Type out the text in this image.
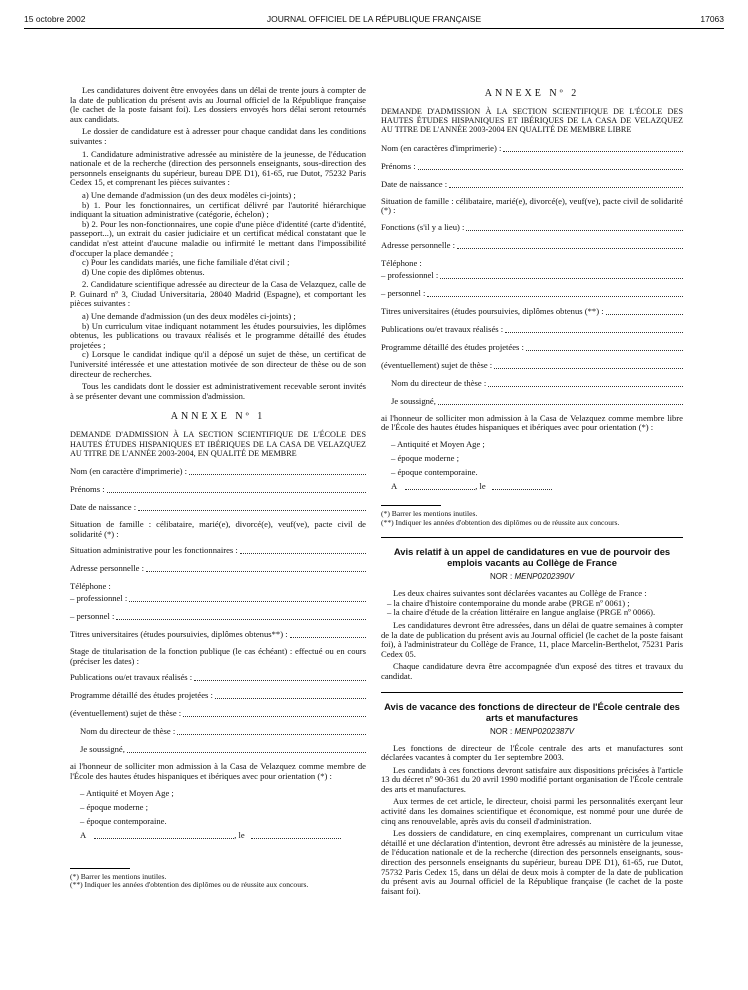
15 octobre 2002	JOURNAL OFFICIEL DE LA RÉPUBLIQUE FRANÇAISE	17063

Les candidatures doivent être envoyées dans un délai de trente jours à compter de la date de publication du présent avis au Journal officiel de la République française (le cachet de la poste faisant foi). Les dossiers envoyés hors délai seront retournés aux candidats.

Le dossier de candidature est à adresser pour chaque candidat dans les conditions suivantes :

1. Candidature administrative adressée au ministère de la jeunesse, de l'éducation nationale et de la recherche (direction des personnels enseignants, sous-direction des personnels enseignants du supérieur, bureau DPE D1), 61-65, rue Dutot, 75232 Paris Cedex 15, et comprenant les pièces suivantes :

a) Une demande d'admission (un des deux modèles ci-joints) ;

b) 1. Pour les fonctionnaires, un certificat délivré par l'autorité hiérarchique indiquant la situation administrative (catégorie, échelon) ;

b) 2. Pour les non-fonctionnaires, une copie d'une pièce d'identité (carte d'identité, passeport...), un extrait du casier judiciaire et un certificat médical constatant que le candidat n'est atteint d'aucune maladie ou infirmité le mettant dans l'impossibilité d'occuper la place demandée ;

c) Pour les candidats mariés, une fiche familiale d'état civil ;

d) Une copie des diplômes obtenus.

2. Candidature scientifique adressée au directeur de la Casa de Velazquez, calle de P. Guinard nº 3, Ciudad Universitaria, 28040 Madrid (Espagne), et comportant les pièces suivantes :

a) Une demande d'admission (un des deux modèles ci-joints) ;

b) Un curriculum vitae indiquant notamment les études poursuivies, les diplômes obtenus, les publications ou travaux réalisés et le programme détaillé des études projetées ;

c) Lorsque le candidat indique qu'il a déposé un sujet de thèse, un certificat de l'université intéressée et une attestation motivée de son directeur de thèse ou de son directeur de recherches.

Tous les candidats dont le dossier est administrativement recevable seront invités à se présenter devant une commission d'admission.

ANNEXE Nº 1
DEMANDE D'ADMISSION À LA SECTION SCIENTIFIQUE DE L'ÉCOLE DES HAUTES ÉTUDES HISPANIQUES ET IBÉRIQUES DE LA CASA DE VELAZQUEZ AU TITRE DE L'ANNÉE 2003-2004, EN QUALITÉ DE MEMBRE
Nom (en caractère d'imprimerie) :
Prénoms :
Date de naissance :
Situation de famille : célibataire, marié(e), divorcé(e), veuf(ve), pacte civil de solidarité (*) :
Situation administrative pour les fonctionnaires :
Adresse personnelle :
Téléphone :
– professionnel :
– personnel :
Titres universitaires (études poursuivies, diplômes obtenus**) :
Stage de titularisation de la fonction publique (le cas échéant) : effectué ou en cours (préciser les dates) :
Publications ou/et travaux réalisés :
Programme détaillé des études projetées :
(éventuellement) sujet de thèse :
Nom du directeur de thèse :
Je soussigné,
ai l'honneur de solliciter mon admission à la Casa de Velazquez comme membre de l'École des hautes études hispaniques et ibériques avec pour orientation (*) :
– Antiquité et Moyen Age ;
– époque moderne ;
– époque contemporaine.
A	, le
(*) Barrer les mentions inutiles.
(**) Indiquer les années d'obtention des diplômes ou de réussite aux concours.
ANNEXE Nº 2
DEMANDE D'ADMISSION À LA SECTION SCIENTIFIQUE DE L'ÉCOLE DES HAUTES ÉTUDES HISPANIQUES ET IBÉRIQUES DE LA CASA DE VELAZQUEZ AU TITRE DE L'ANNÉE 2003-2004 EN QUALITÉ DE MEMBRE LIBRE
Nom (en caractères d'imprimerie) :
Prénoms :
Date de naissance :
Situation de famille : célibataire, marié(e), divorcé(e), veuf(ve), pacte civil de solidarité (*) :
Fonctions (s'il y a lieu) :
Adresse personnelle :
Téléphone :
– professionnel :
– personnel :
Titres universitaires (études poursuivies, diplômes obtenus (**) :
Publications ou/et travaux réalisés :
Programme détaillé des études projetées :
(éventuellement) sujet de thèse :
Nom du directeur de thèse :
Je soussigné,
ai l'honneur de solliciter mon admission à la Casa de Velazquez comme membre libre de l'École des hautes études hispaniques et ibériques avec pour orientation (*) :
– Antiquité et Moyen Age ;
– époque moderne ;
– époque contemporaine.
A	, le
(*) Barrer les mentions inutiles.
(**) Indiquer les années d'obtention des diplômes ou de réussite aux concours.
Avis relatif à un appel de candidatures en vue de pourvoir des emplois vacants au Collège de France
NOR : MENP0202390V

Les deux chaires suivantes sont déclarées vacantes au Collège de France :

– la chaire d'histoire contemporaine du monde arabe (PRGE nº 0061) ;

– la chaire d'étude de la création littéraire en langue anglaise (PRGE nº 0066).

Les candidatures devront être adressées, dans un délai de quatre semaines à compter de la date de publication du présent avis au Journal officiel (le cachet de la poste faisant foi), à l'administrateur du Collège de France, 11, place Marcelin-Berthelot, 75231 Paris Cedex 05.

Chaque candidature devra être accompagnée d'un exposé des titres et travaux du candidat.

Avis de vacance des fonctions de directeur de l'École centrale des arts et manufactures
NOR : MENP0202387V

Les fonctions de directeur de l'École centrale des arts et manufactures sont déclarées vacantes à compter du 1er septembre 2003.

Les candidats à ces fonctions devront satisfaire aux dispositions précisées à l'article 13 du décret nº 90-361 du 20 avril 1990 modifié portant organisation de l'École centrale des arts et manufactures.

Aux termes de cet article, le directeur, choisi parmi les personnalités exerçant leur activité dans les domaines scientifique et économique, est nommé pour une durée de cinq ans renouvelable, après avis du conseil d'administration.

Les dossiers de candidature, en cinq exemplaires, comprenant un curriculum vitae détaillé et une déclaration d'intention, devront être adressés au ministère de la jeunesse, de l'éducation nationale et de la recherche (direction des personnels enseignants, sous-direction des personnels enseignants du supérieur, bureau DPE D1), 61-65, rue Dutot, 75732 Paris Cedex 15, dans un délai de deux mois à compter de la date de publication du présent avis au Journal officiel de la République française (le cachet de la poste faisant foi).
